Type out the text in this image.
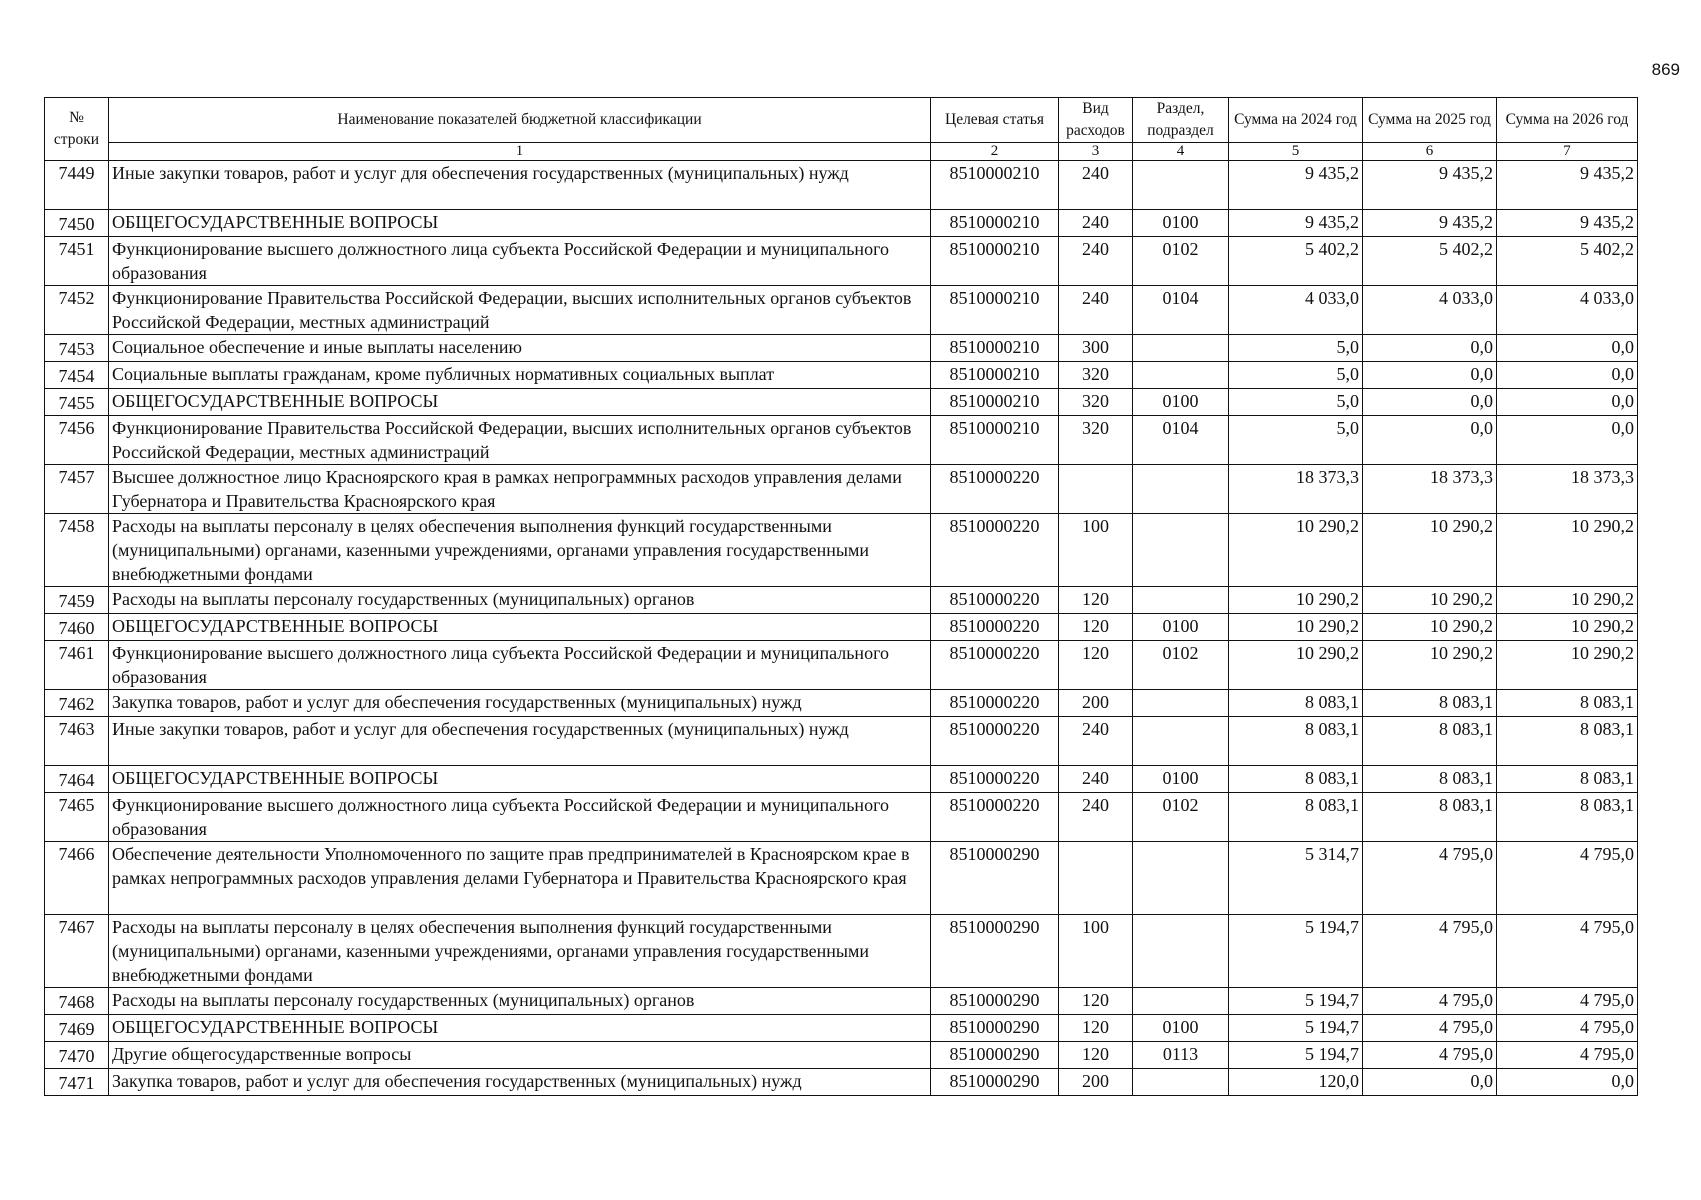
869
№ строки	Наименование показателей бюджетной классификации	Целевая статья	Вид расходов	Раздел, подраздел	Сумма на 2024 год	Сумма на 2025 год	Сумма на 2026 год
	1	2	3	4	5	6	7
7449	Иные закупки товаров, работ и услуг для обеспечения государственных (муниципальных) нужд	8510000210	240		9 435,2	9 435,2	9 435,2
7450	ОБЩЕГОСУДАРСТВЕННЫЕ ВОПРОСЫ	8510000210	240	0100	9 435,2	9 435,2	9 435,2
7451	Функционирование высшего должностного лица субъекта Российской Федерации и муниципального образования	8510000210	240	0102	5 402,2	5 402,2	5 402,2
7452	Функционирование Правительства Российской Федерации, высших исполнительных органов субъектов Российской Федерации, местных администраций	8510000210	240	0104	4 033,0	4 033,0	4 033,0
7453	Социальное обеспечение и иные выплаты населению	8510000210	300		5,0	0,0	0,0
7454	Социальные выплаты гражданам, кроме публичных нормативных социальных выплат	8510000210	320		5,0	0,0	0,0
7455	ОБЩЕГОСУДАРСТВЕННЫЕ ВОПРОСЫ	8510000210	320	0100	5,0	0,0	0,0
7456	Функционирование Правительства Российской Федерации, высших исполнительных органов субъектов Российской Федерации, местных администраций	8510000210	320	0104	5,0	0,0	0,0
7457	Высшее должностное лицо Красноярского края в рамках непрограммных расходов управления делами Губернатора и Правительства Красноярского края	8510000220			18 373,3	18 373,3	18 373,3
7458	Расходы на выплаты персоналу в целях обеспечения выполнения функций государственными (муниципальными) органами, казенными учреждениями, органами управления государственными внебюджетными фондами	8510000220	100		10 290,2	10 290,2	10 290,2
7459	Расходы на выплаты персоналу государственных (муниципальных) органов	8510000220	120		10 290,2	10 290,2	10 290,2
7460	ОБЩЕГОСУДАРСТВЕННЫЕ ВОПРОСЫ	8510000220	120	0100	10 290,2	10 290,2	10 290,2
7461	Функционирование высшего должностного лица субъекта Российской Федерации и муниципального образования	8510000220	120	0102	10 290,2	10 290,2	10 290,2
7462	Закупка товаров, работ и услуг для обеспечения государственных (муниципальных) нужд	8510000220	200		8 083,1	8 083,1	8 083,1
7463	Иные закупки товаров, работ и услуг для обеспечения государственных (муниципальных) нужд	8510000220	240		8 083,1	8 083,1	8 083,1
7464	ОБЩЕГОСУДАРСТВЕННЫЕ ВОПРОСЫ	8510000220	240	0100	8 083,1	8 083,1	8 083,1
7465	Функционирование высшего должностного лица субъекта Российской Федерации и муниципального образования	8510000220	240	0102	8 083,1	8 083,1	8 083,1
7466	Обеспечение деятельности Уполномоченного по защите прав предпринимателей в Красноярском крае в рамках непрограммных расходов управления делами Губернатора и Правительства Красноярского края	8510000290			5 314,7	4 795,0	4 795,0
7467	Расходы на выплаты персоналу в целях обеспечения выполнения функций государственными (муниципальными) органами, казенными учреждениями, органами управления государственными внебюджетными фондами	8510000290	100		5 194,7	4 795,0	4 795,0
7468	Расходы на выплаты персоналу государственных (муниципальных) органов	8510000290	120		5 194,7	4 795,0	4 795,0
7469	ОБЩЕГОСУДАРСТВЕННЫЕ ВОПРОСЫ	8510000290	120	0100	5 194,7	4 795,0	4 795,0
7470	Другие общегосударственные вопросы	8510000290	120	0113	5 194,7	4 795,0	4 795,0
7471	Закупка товаров, работ и услуг для обеспечения государственных (муниципальных) нужд	8510000290	200		120,0	0,0	0,0
